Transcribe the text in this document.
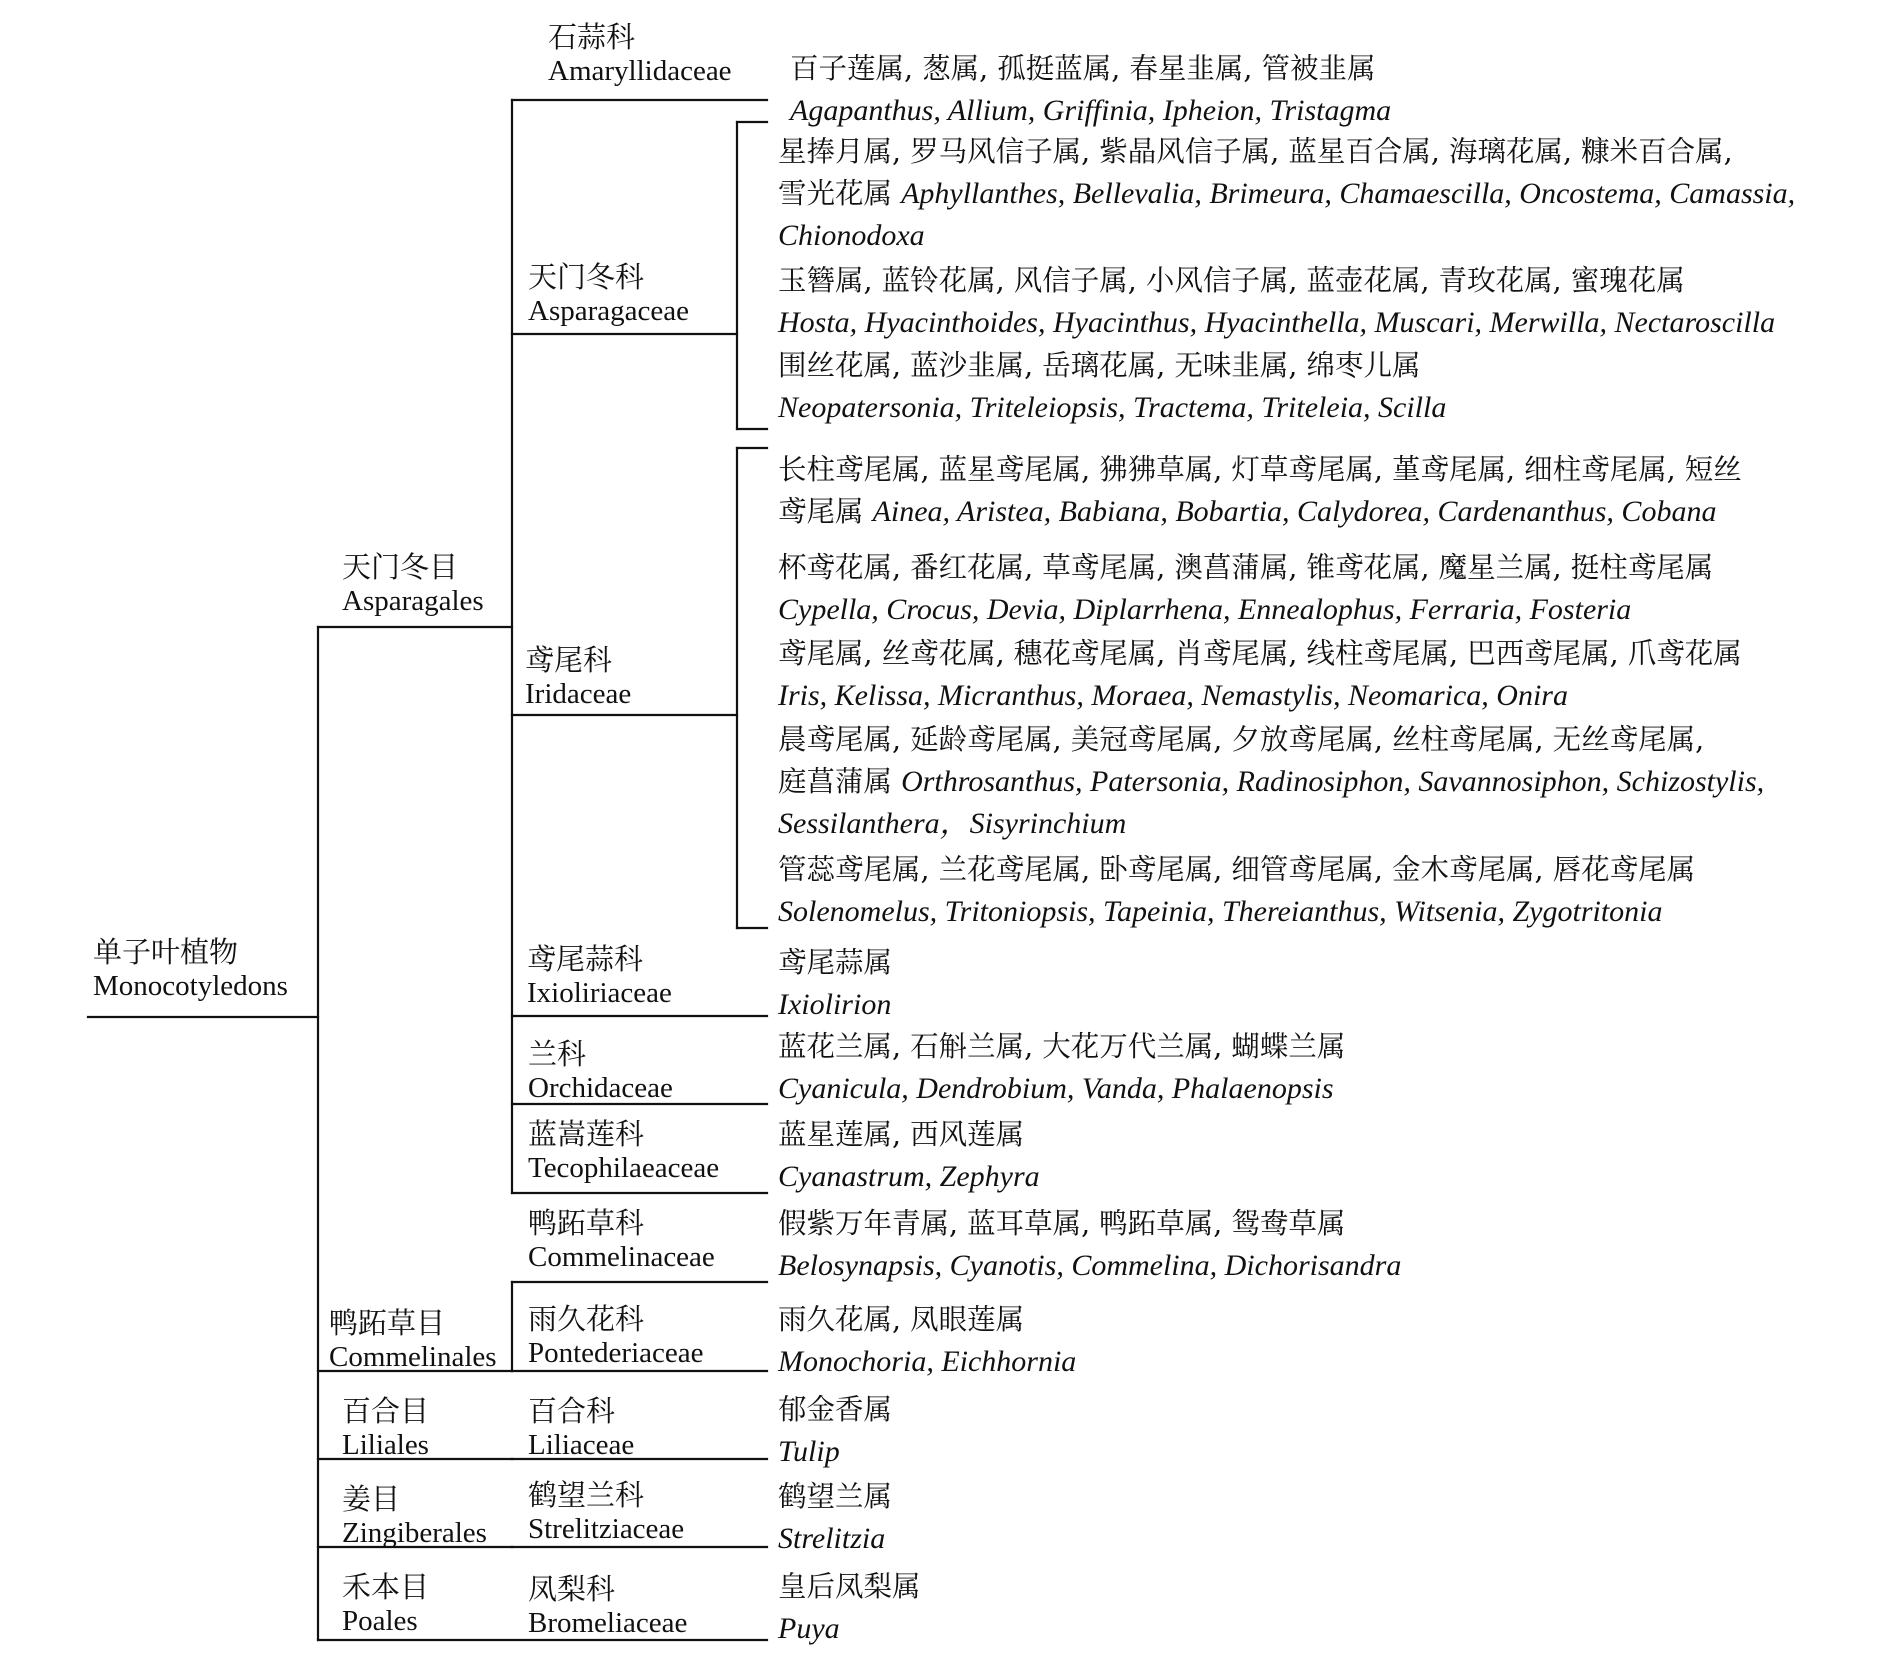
单子叶植物
Monocotyledons
天门冬目
Asparagales
鸭跖草目
Commelinales
百合目
Liliales
姜目
Zingiberales
禾本目
Poales
石蒜科
Amaryllidaceae
天门冬科
Asparagaceae
鸢尾科
Iridaceae
鸢尾蒜科
Ixioliriaceae
兰科
Orchidaceae
蓝嵩莲科
Tecophilaeaceae
鸭跖草科
Commelinaceae
雨久花科
Pontederiaceae
百合科
Liliaceae
鹤望兰科
Strelitziaceae
凤梨科
Bromeliaceae
百子莲属, 葱属, 孤挺蓝属, 春星韭属, 管被韭属
Agapanthus, Allium, Griffinia, Ipheion, Tristagma
星捧月属, 罗马风信子属, 紫晶风信子属, 蓝星百合属, 海璃花属, 糠米百合属,
雪光花属 Aphyllanthes, Bellevalia, Brimeura, Chamaescilla, Oncostema, Camassia,
Chionodoxa
玉簪属, 蓝铃花属, 风信子属, 小风信子属, 蓝壶花属, 青玫花属, 蜜瑰花属
Hosta, Hyacinthoides, Hyacinthus, Hyacinthella, Muscari, Merwilla, Nectaroscilla
围丝花属, 蓝沙韭属, 岳璃花属, 无味韭属, 绵枣儿属
Neopatersonia, Triteleiopsis, Tractema, Triteleia, Scilla
长柱鸢尾属, 蓝星鸢尾属, 狒狒草属, 灯草鸢尾属, 堇鸢尾属, 细柱鸢尾属, 短丝
鸢尾属 Ainea, Aristea, Babiana, Bobartia, Calydorea, Cardenanthus, Cobana
杯鸢花属, 番红花属, 草鸢尾属, 澳菖蒲属, 锥鸢花属, 魔星兰属, 挺柱鸢尾属
Cypella, Crocus, Devia, Diplarrhena, Ennealophus, Ferraria, Fosteria
鸢尾属, 丝鸢花属, 穗花鸢尾属, 肖鸢尾属, 线柱鸢尾属, 巴西鸢尾属, 爪鸢花属
Iris, Kelissa, Micranthus, Moraea, Nemastylis, Neomarica, Onira
晨鸢尾属, 延龄鸢尾属, 美冠鸢尾属, 夕放鸢尾属, 丝柱鸢尾属, 无丝鸢尾属,
庭菖蒲属 Orthrosanthus, Patersonia, Radinosiphon, Savannosiphon, Schizostylis,
Sessilanthera，Sisyrinchium
管蕊鸢尾属, 兰花鸢尾属, 卧鸢尾属, 细管鸢尾属, 金木鸢尾属, 唇花鸢尾属
Solenomelus, Tritoniopsis, Tapeinia, Thereianthus, Witsenia, Zygotritonia
鸢尾蒜属
Ixiolirion
蓝花兰属, 石斛兰属, 大花万代兰属, 蝴蝶兰属
Cyanicula, Dendrobium, Vanda, Phalaenopsis
蓝星莲属, 西风莲属
Cyanastrum, Zephyra
假紫万年青属, 蓝耳草属, 鸭跖草属, 鸳鸯草属
Belosynapsis, Cyanotis, Commelina, Dichorisandra
雨久花属, 凤眼莲属
Monochoria, Eichhornia
郁金香属
Tulip
鹤望兰属
Strelitzia
皇后凤梨属
Puya
